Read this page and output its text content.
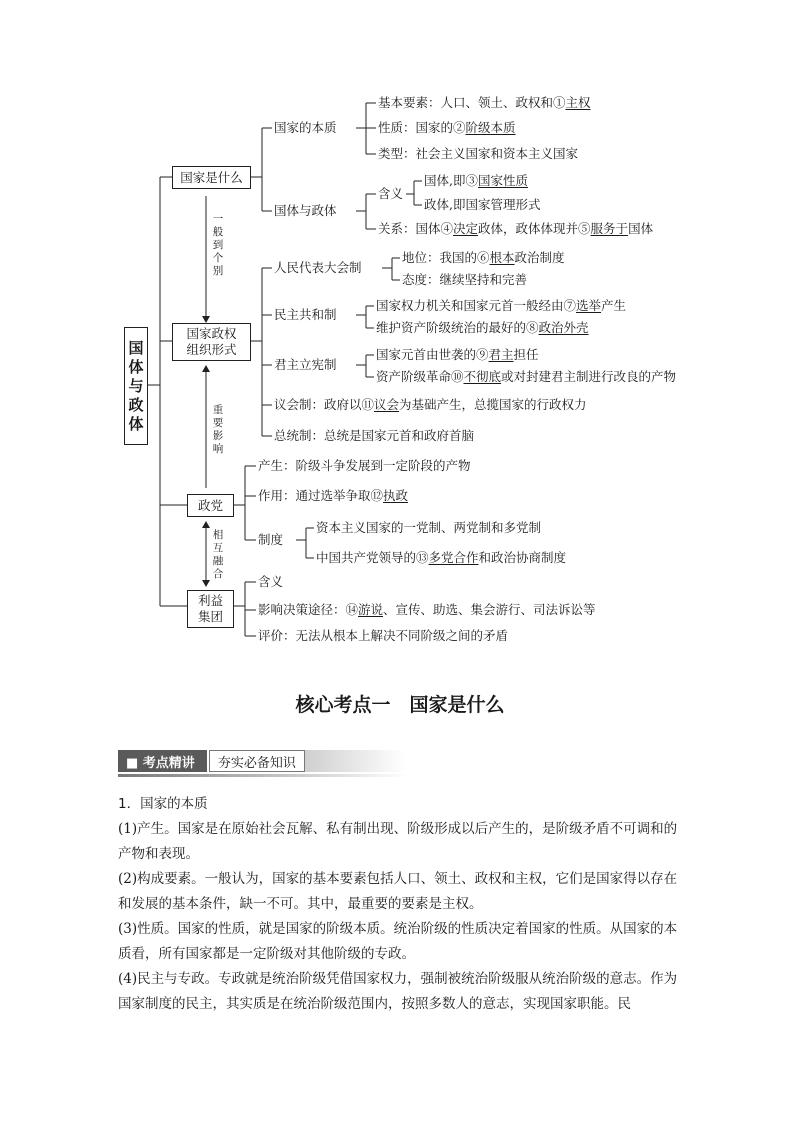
国
体
与
政
体
国家是什么
国家政权
组织形式
政党
利益
集团
一
般
到
个
别
重
要
影
响
相
互
融
合
国家的本质
基本要素：人口、领土、政权和①主权
性质：国家的②阶级本质
类型：社会主义国家和资本主义国家
国体与政体
含义
国体,即③国家性质
政体,即国家管理形式
关系：国体④决定政体，政体体现并⑤服务于国体
人民代表大会制
地位：我国的⑥根本政治制度
态度：继续坚持和完善
民主共和制
国家权力机关和国家元首一般经由⑦选举产生
维护资产阶级统治的最好的⑧政治外壳
君主立宪制
国家元首由世袭的⑨君主担任
资产阶级革命⑩不彻底或对封建君主制进行改良的产物
议会制：政府以⑪议会为基础产生，总揽国家的行政权力
总统制：总统是国家元首和政府首脑
产生：阶级斗争发展到一定阶段的产物
作用：通过选举争取⑫执政
制度
资本主义国家的一党制、两党制和多党制
中国共产党领导的⑬多党合作和政治协商制度
含义
影响决策途径：⑭游说、宣传、助选、集会游行、司法诉讼等
评价：无法从根本上解决不同阶级之间的矛盾
核心考点一　国家是什么
■ 考点精讲	夯实必备知识

1．国家的本质

(1)产生。国家是在原始社会瓦解、私有制出现、阶级形成以后产生的，是阶级矛盾不可调和的产物和表现。

(2)构成要素。一般认为，国家的基本要素包括人口、领土、政权和主权，它们是国家得以存在和发展的基本条件，缺一不可。其中，最重要的要素是主权。

(3)性质。国家的性质，就是国家的阶级本质。统治阶级的性质决定着国家的性质。从国家的本质看，所有国家都是一定阶级对其他阶级的专政。

(4)民主与专政。专政就是统治阶级凭借国家权力，强制被统治阶级服从统治阶级的意志。作为国家制度的民主，其实质是在统治阶级范围内，按照多数人的意志，实现国家职能。民
